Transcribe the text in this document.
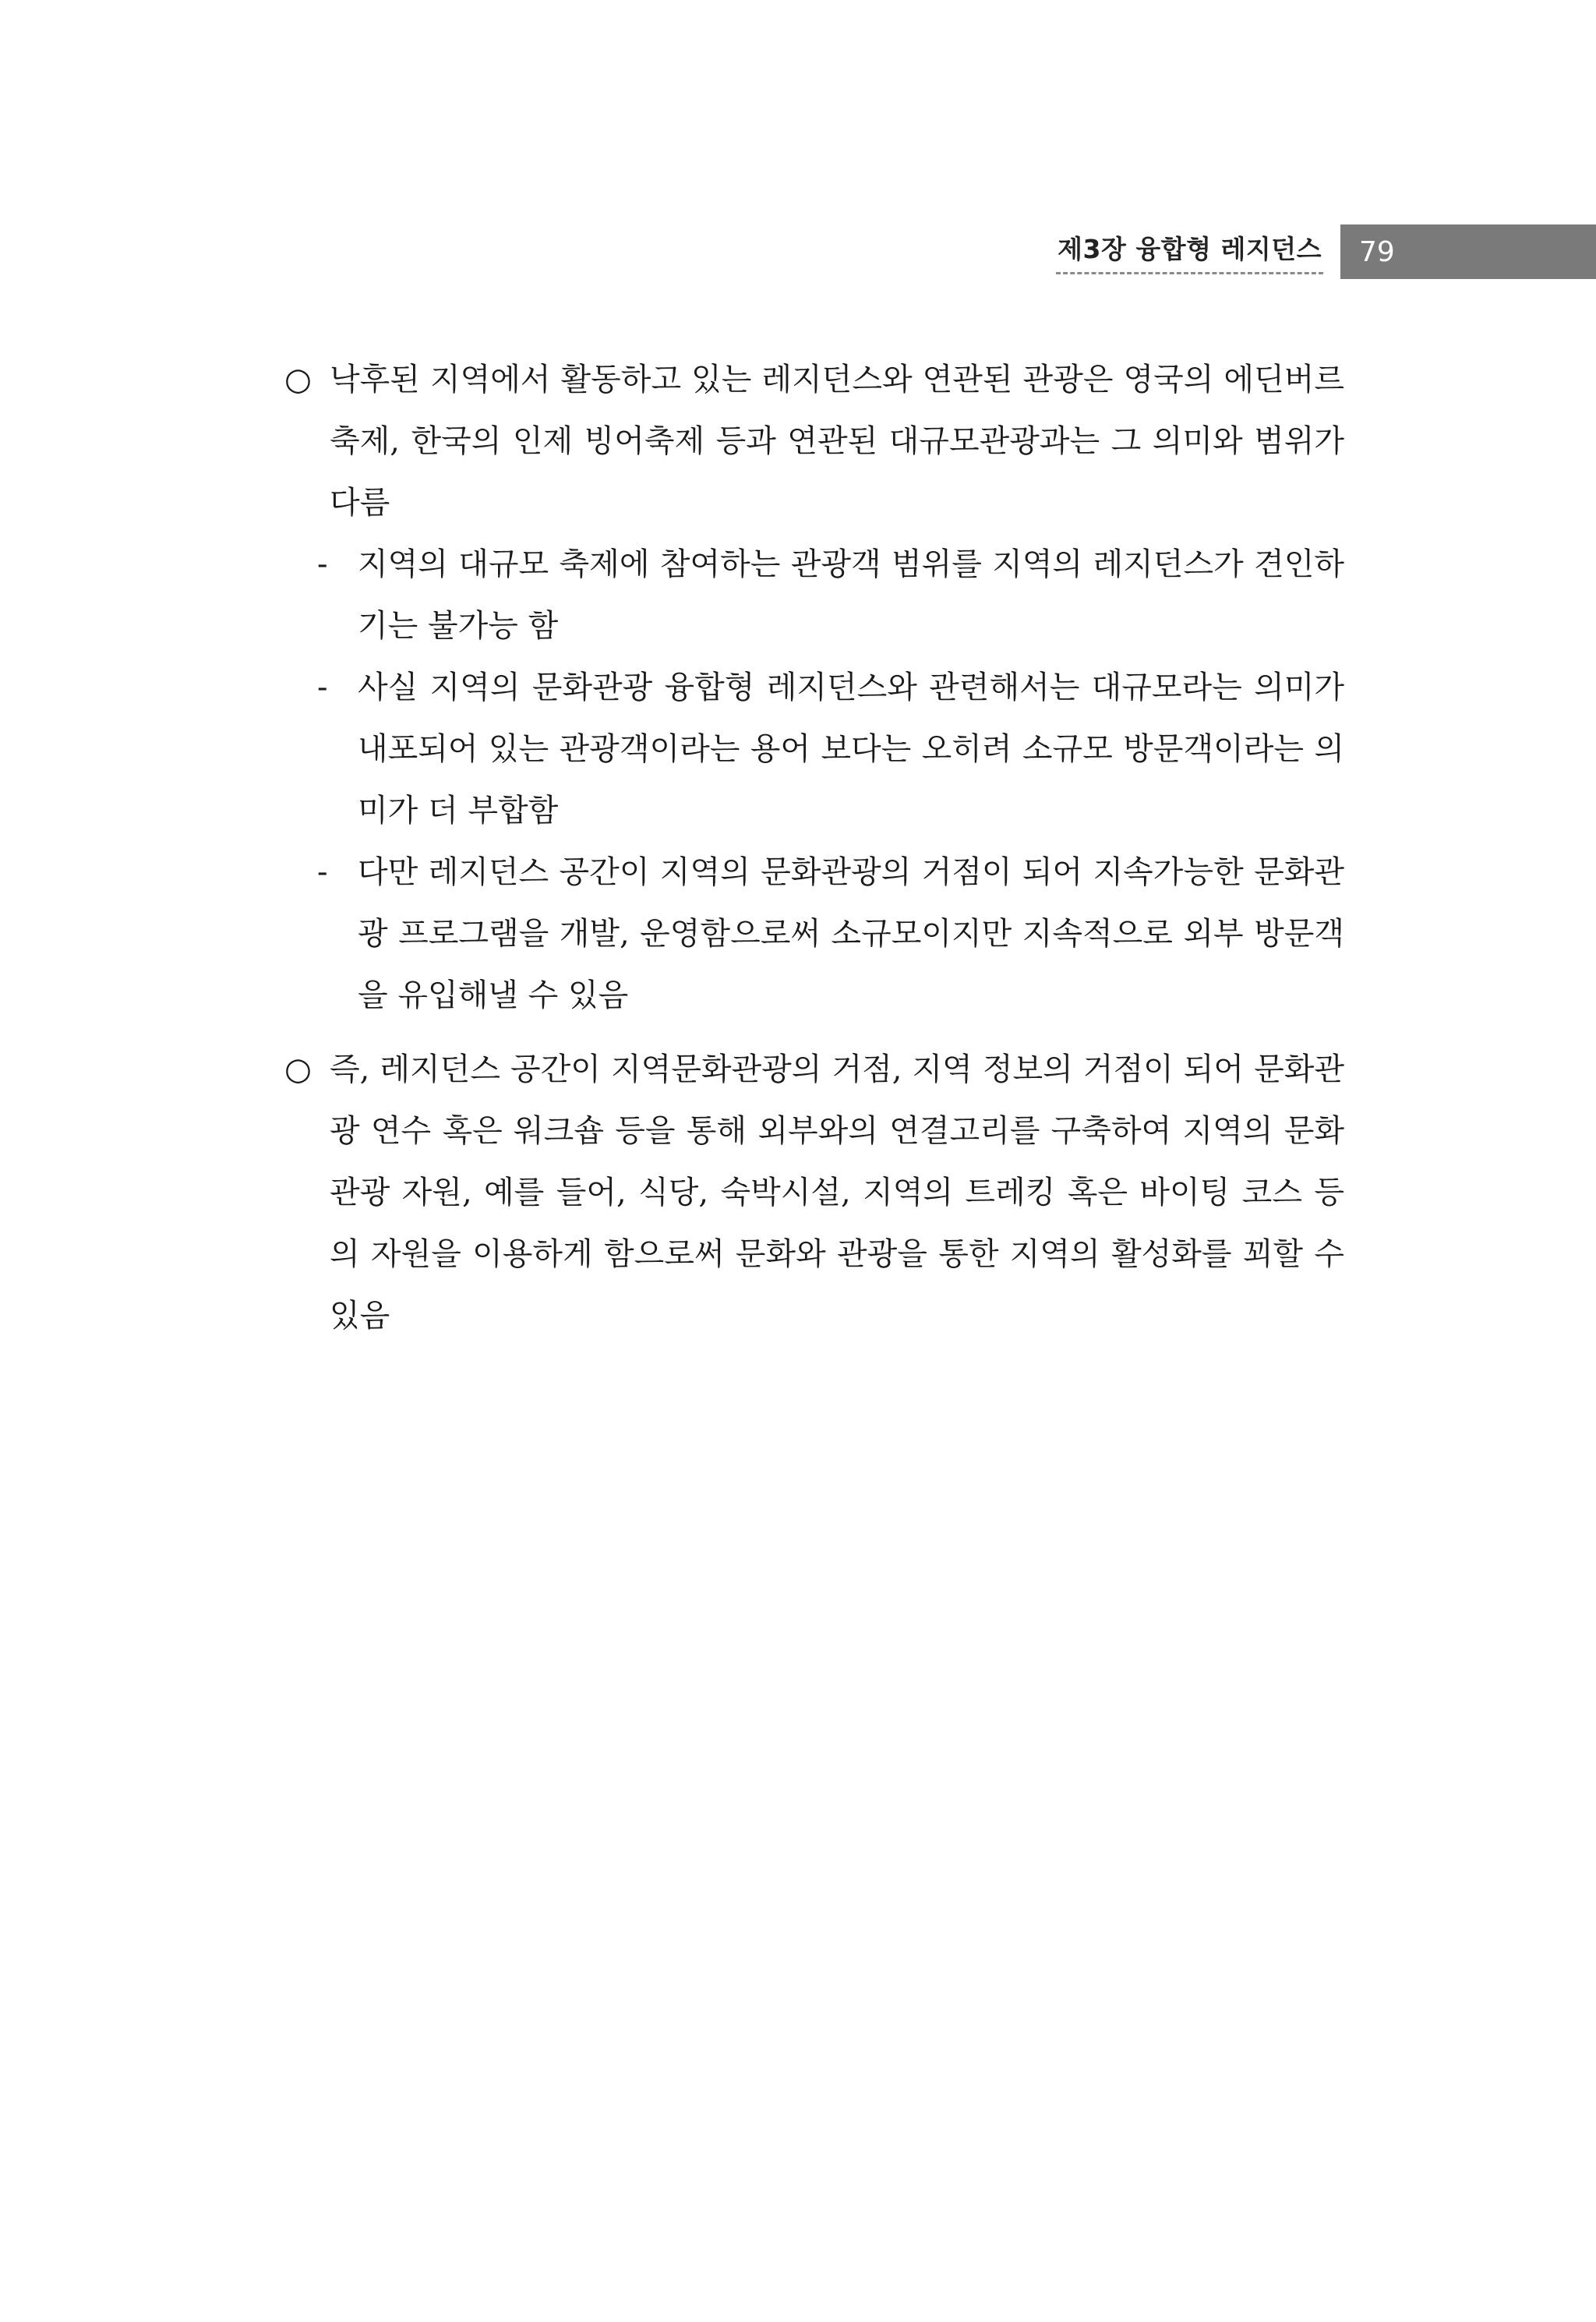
제3장 융합형 레지던스 79
○ 낙후된 지역에서 활동하고 있는 레지던스와 연관된 관광은 영국의 에딘버르 축제, 한국의 인제 빙어축제 등과 연관된 대규모관광과는 그 의미와 범위가 다름
- 지역의 대규모 축제에 참여하는 관광객 범위를 지역의 레지던스가 견인하기는 불가능 함
- 사실 지역의 문화관광 융합형 레지던스와 관련해서는 대규모라는 의미가 내포되어 있는 관광객이라는 용어 보다는 오히려 소규모 방문객이라는 의미가 더 부합함
- 다만 레지던스 공간이 지역의 문화관광의 거점이 되어 지속가능한 문화관광 프로그램을 개발, 운영함으로써 소규모이지만 지속적으로 외부 방문객을 유입해낼 수 있음
○ 즉, 레지던스 공간이 지역문화관광의 거점, 지역 정보의 거점이 되어 문화관광 연수 혹은 워크숍 등을 통해 외부와의 연결고리를 구축하여 지역의 문화관광 자원, 예를 들어, 식당, 숙박시설, 지역의 트레킹 혹은 바이팅 코스 등의 자원을 이용하게 함으로써 문화와 관광을 통한 지역의 활성화를 꾀할 수 있음
